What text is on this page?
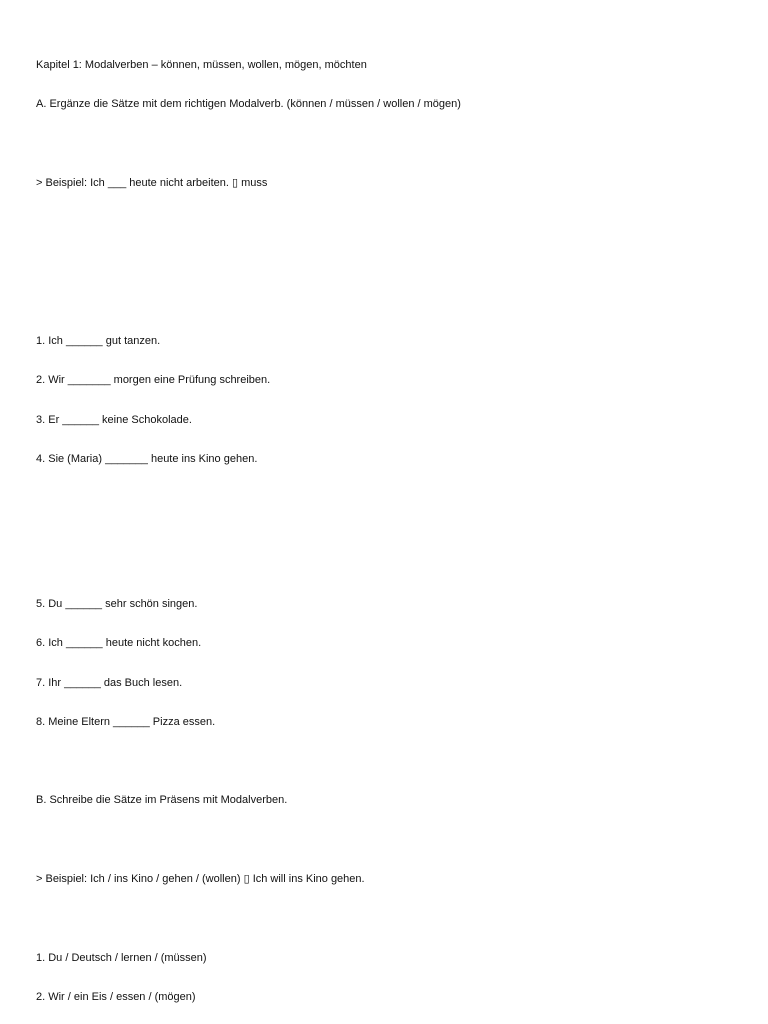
Kapitel 1: Modalverben – können, müssen, wollen, mögen, möchten
A. Ergänze die Sätze mit dem richtigen Modalverb. (können / müssen / wollen / mögen)
> Beispiel: Ich ___ heute nicht arbeiten. ▯ muss
1. Ich ______ gut tanzen.
2. Wir _______ morgen eine Prüfung schreiben.
3. Er ______ keine Schokolade.
4. Sie (Maria) _______ heute ins Kino gehen.
5. Du ______ sehr schön singen.
6. Ich ______ heute nicht kochen.
7. Ihr ______ das Buch lesen.
8. Meine Eltern ______ Pizza essen.
B. Schreibe die Sätze im Präsens mit Modalverben.
> Beispiel: Ich / ins Kino / gehen / (wollen) ▯ Ich will ins Kino gehen.
1. Du / Deutsch / lernen / (müssen)
2. Wir / ein Eis / essen / (mögen)
